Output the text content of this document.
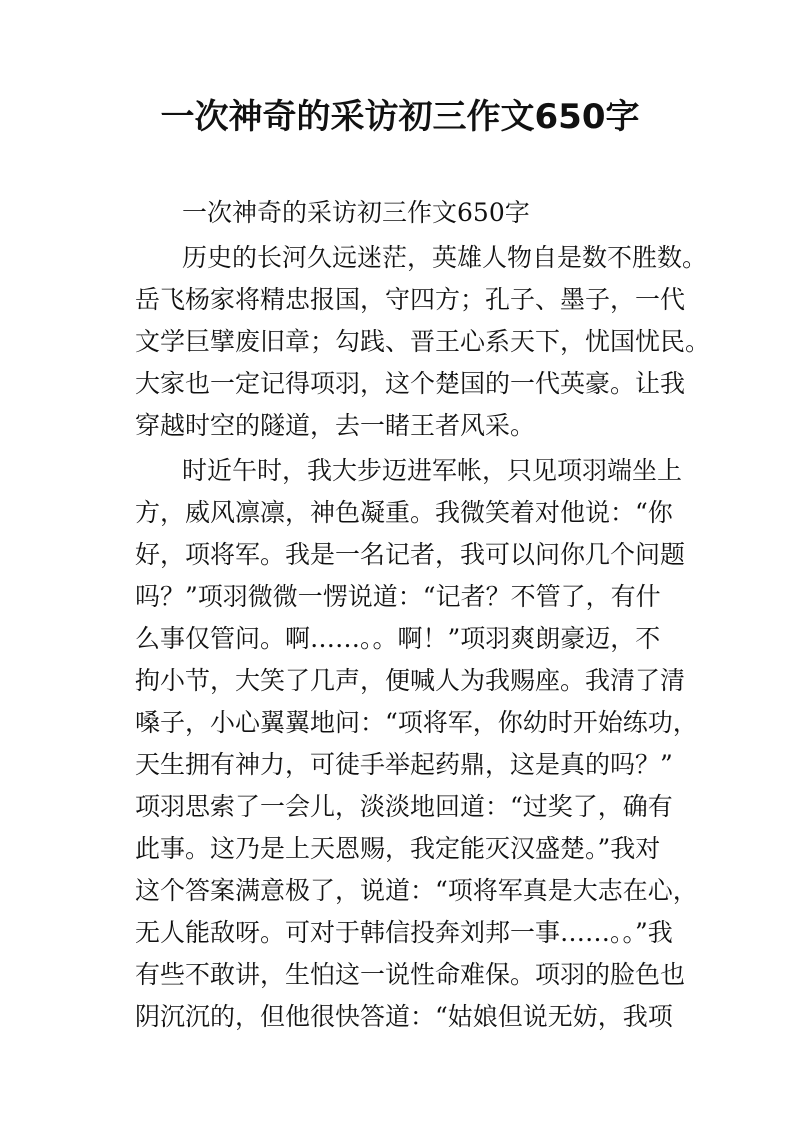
一次神奇的采访初三作文650字
一次神奇的采访初三作文650字
历史的长河久远迷茫，英雄人物自是数不胜数。
岳飞杨家将精忠报国，守四方；孔子、墨子，一代
文学巨擘废旧章；勾践、晋王心系天下，忧国忧民。
大家也一定记得项羽，这个楚国的一代英豪。让我
穿越时空的隧道，去一睹王者风采。
时近午时，我大步迈进军帐，只见项羽端坐上
方，威风凛凛，神色凝重。我微笑着对他说：“你
好，项将军。我是一名记者，我可以问你几个问题
吗？”项羽微微一愣说道：“记者？不管了，有什
么事仅管问。啊……。。啊！”项羽爽朗豪迈，不
拘小节，大笑了几声，便喊人为我赐座。我清了清
嗓子，小心翼翼地问：“项将军，你幼时开始练功，
天生拥有神力，可徒手举起药鼎，这是真的吗？”
项羽思索了一会儿，淡淡地回道：“过奖了，确有
此事。这乃是上天恩赐，我定能灭汉盛楚。”我对
这个答案满意极了，说道：“项将军真是大志在心，
无人能敌呀。可对于韩信投奔刘邦一事……。。”我
有些不敢讲，生怕这一说性命难保。项羽的脸色也
阴沉沉的，但他很快答道：“姑娘但说无妨，我项
